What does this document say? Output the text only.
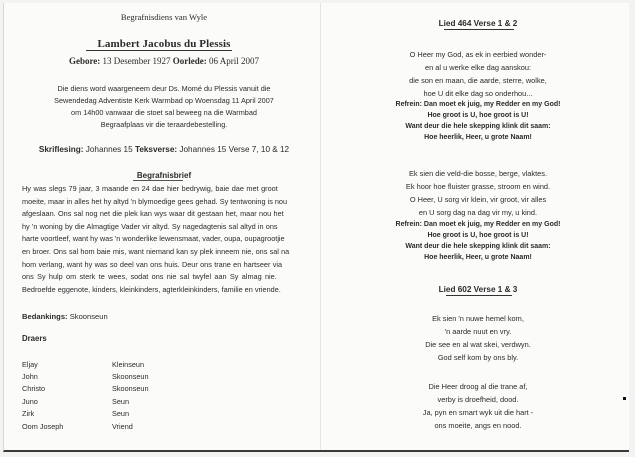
Begrafnisdiens van Wyle
Lambert Jacobus du Plessis
Gebore: 13 Desember 1927 Oorlede: 06 April 2007
Die diens word waargeneem deur Ds. Momé du Plessis vanuit die
Sewendedag Adventiste Kerk Warmbad op Woensdag 11 April 2007
om 14h00 vanwaar die stoet sal beweeg na die Warmbad
Begraafplaas vir die teraardebestelling.
Skriflesing: Johannes 15 Teksverse: Johannes 15 Verse 7, 10 & 12
Begrafnisbrief
Hy was slegs 79 jaar, 3 maande en 24 dae hier bedrywig, baie dae met groot
moeite, maar in alles het hy altyd 'n blymoedige gees gehad. Sy tentwoning is nou
afgeslaan. Ons sal nog net die plek kan wys waar dit gestaan het, maar nou het
hy 'n woning by die Almagtige Vader vir altyd. Sy nagedagtenis sal altyd in ons
harte voortleef, want hy was 'n wonderlike lewensmaat, vader, oupa, oupagrootjie
en broer. Ons sal hom baie mis, want niemand kan sy plek inneem nie, ons sal na
hom verlang, want hy was so deel van ons huis. Deur ons trane en hartseer via
ons Sy hulp om sterk te wees, sodat ons nie sal twyfel aan Sy almag nie.
Bedroefde eggenote, kinders, kleinkinders, agterkleinkinders, familie en vriende.
Bedankings: Skoonseun
Draers
Eljay	Kleinseun
John	Skoonseun
Christo	Skoonseun
Juno	Seun
Zirk	Seun
Oom Joseph	Vriend
Lied 464 Verse 1 & 2
O Heer my God, as ek in eerbied wonder-
en al u werke elke dag aanskou:
die son en maan, die aarde, sterre, wolke,
hoe U dit elke dag so onderhou...
Refrein: Dan moet ek juig, my Redder en my God!
Hoe groot is U, hoe groot is U!
Want deur die hele skepping klink dit saam:
Hoe heerlik, Heer, u grote Naam!
Ek sien die veld-die bosse, berge, vlaktes.
Ek hoor hoe fluister grasse, stroom en wind.
O Heer, U sorg vir klein, vir groot, vir alles
en U sorg dag na dag vir my, u kind.
Refrein: Dan moet ek juig, my Redder en my God!
Hoe groot is U, hoe groot is U!
Want deur die hele skepping klink dit saam:
Hoe heerlik, Heer, u grote Naam!
Lied 602 Verse 1 & 3
Ek sien 'n nuwe hemel kom,
'n aarde nuut en vry.
Die see en al wat skei, verdwyn.
God self kom by ons bly.
Die Heer droog al die trane af,
verby is droefheid, dood.
Ja, pyn en smart wyk uit die hart -
ons moeite, angs en nood.
